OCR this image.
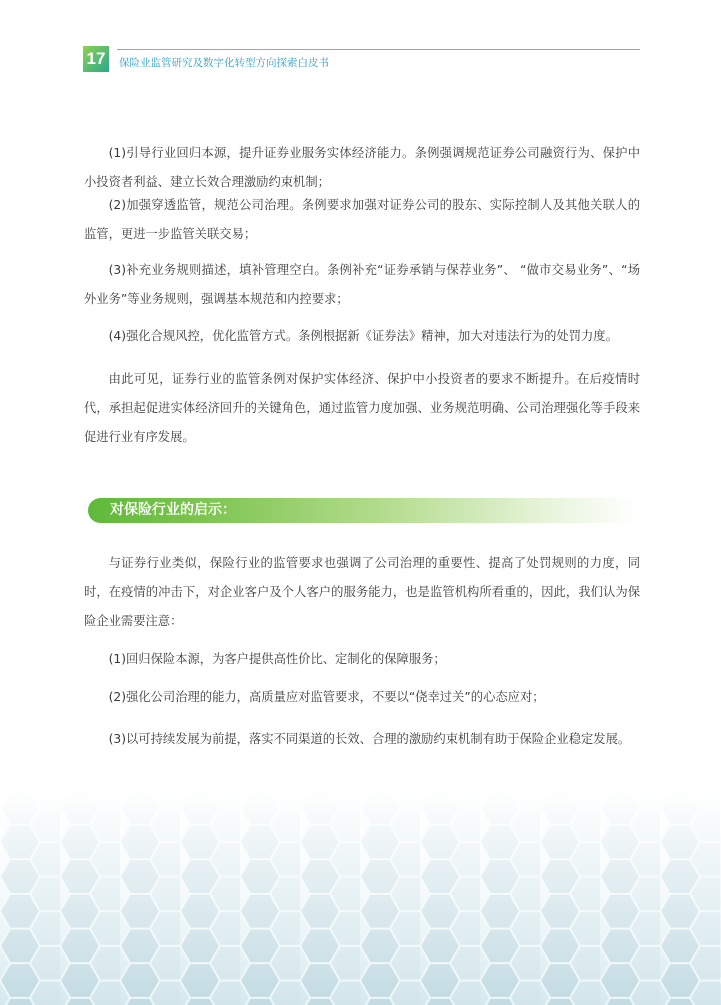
17	保险业监管研究及数字化转型方向探索白皮书

(1)引导行业回归本源，提升证券业服务实体经济能力。条例强调规范证券公司融资行为、保护中小投资者利益、建立长效合理激励约束机制；

(2)加强穿透监管，规范公司治理。条例要求加强对证券公司的股东、实际控制人及其他关联人的监管，更进一步监管关联交易；

(3)补充业务规则描述，填补管理空白。条例补充“证券承销与保荐业务”、 “做市交易业务”、“场外业务”等业务规则，强调基本规范和内控要求；

(4)强化合规风控，优化监管方式。条例根据新《证券法》精神，加大对违法行为的处罚力度。

由此可见，证券行业的监管条例对保护实体经济、保护中小投资者的要求不断提升。在后疫情时代，承担起促进实体经济回升的关键角色，通过监管力度加强、业务规范明确、公司治理强化等手段来促进行业有序发展。

对保险行业的启示：

与证券行业类似，保险行业的监管要求也强调了公司治理的重要性、提高了处罚规则的力度，同时，在疫情的冲击下，对企业客户及个人客户的服务能力，也是监管机构所看重的，因此，我们认为保险企业需要注意：

(1)回归保险本源，为客户提供高性价比、定制化的保障服务；

(2)强化公司治理的能力，高质量应对监管要求，不要以“侥幸过关”的心态应对；

(3)以可持续发展为前提，落实不同渠道的长效、合理的激励约束机制有助于保险企业稳定发展。
